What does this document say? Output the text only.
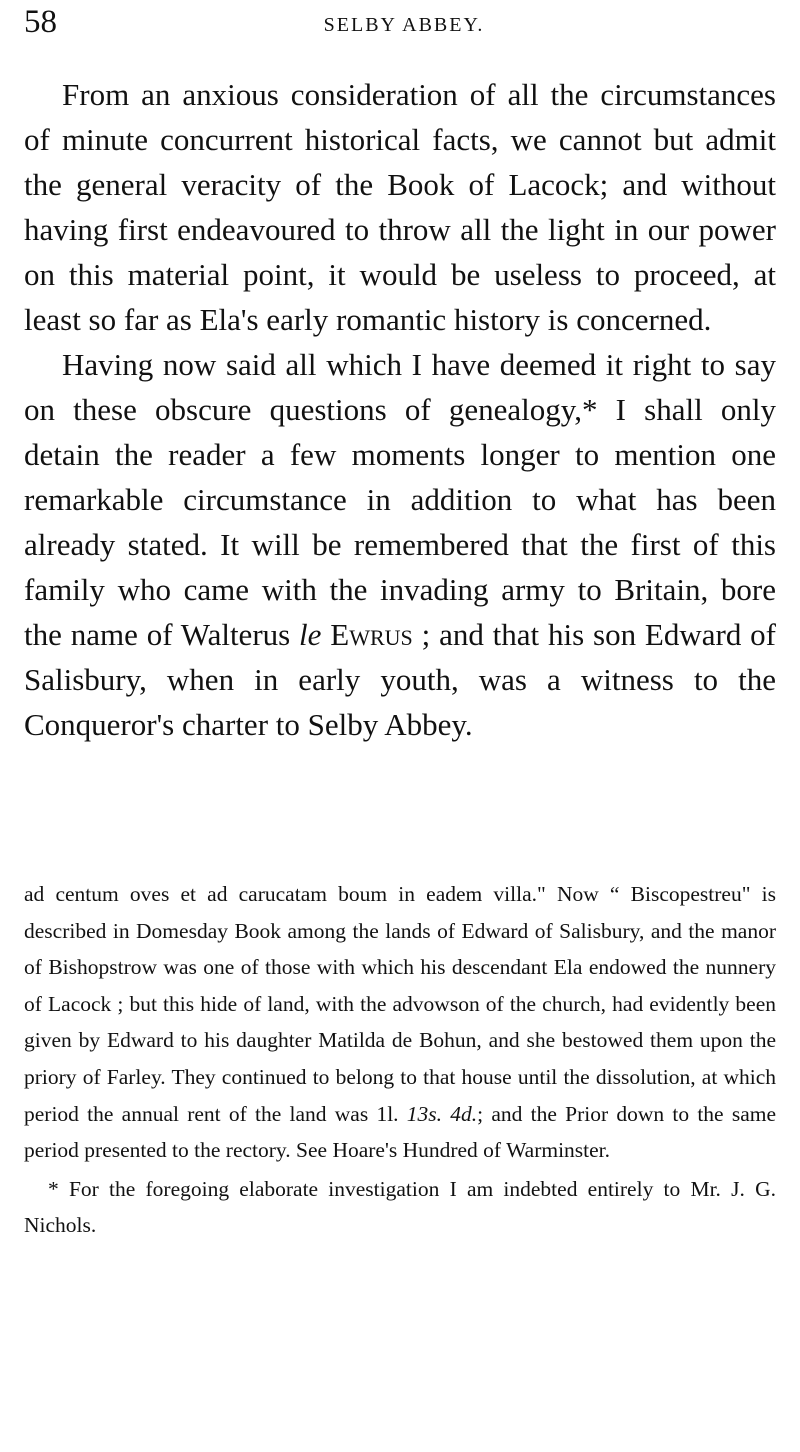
58	SELBY ABBEY.

From an anxious consideration of all the circumstances of minute concurrent historical facts, we cannot but admit the general veracity of the Book of Lacock; and without having first endeavoured to throw all the light in our power on this material point, it would be useless to proceed, at least so far as Ela's early romantic history is concerned.

Having now said all which I have deemed it right to say on these obscure questions of genealogy,* I shall only detain the reader a few moments longer to mention one remarkable circumstance in addition to what has been already stated. It will be remembered that the first of this family who came with the invading army to Britain, bore the name of Walterus le Ewrus ; and that his son Edward of Salisbury, when in early youth, was a witness to the Conqueror's charter to Selby Abbey.

ad centum oves et ad carucatam boum in eadem villa." Now “ Biscopestreu" is described in Domesday Book among the lands of Edward of Salisbury, and the manor of Bishopstrow was one of those with which his descendant Ela endowed the nunnery of Lacock ; but this hide of land, with the advowson of the church, had evidently been given by Edward to his daughter Matilda de Bohun, and she bestowed them upon the priory of Farley. They continued to belong to that house until the dissolution, at which period the annual rent of the land was 1l. 13s. 4d.; and the Prior down to the same period presented to the rectory. See Hoare's Hundred of Warminster.

* For the foregoing elaborate investigation I am indebted entirely to Mr. J. G. Nichols.
